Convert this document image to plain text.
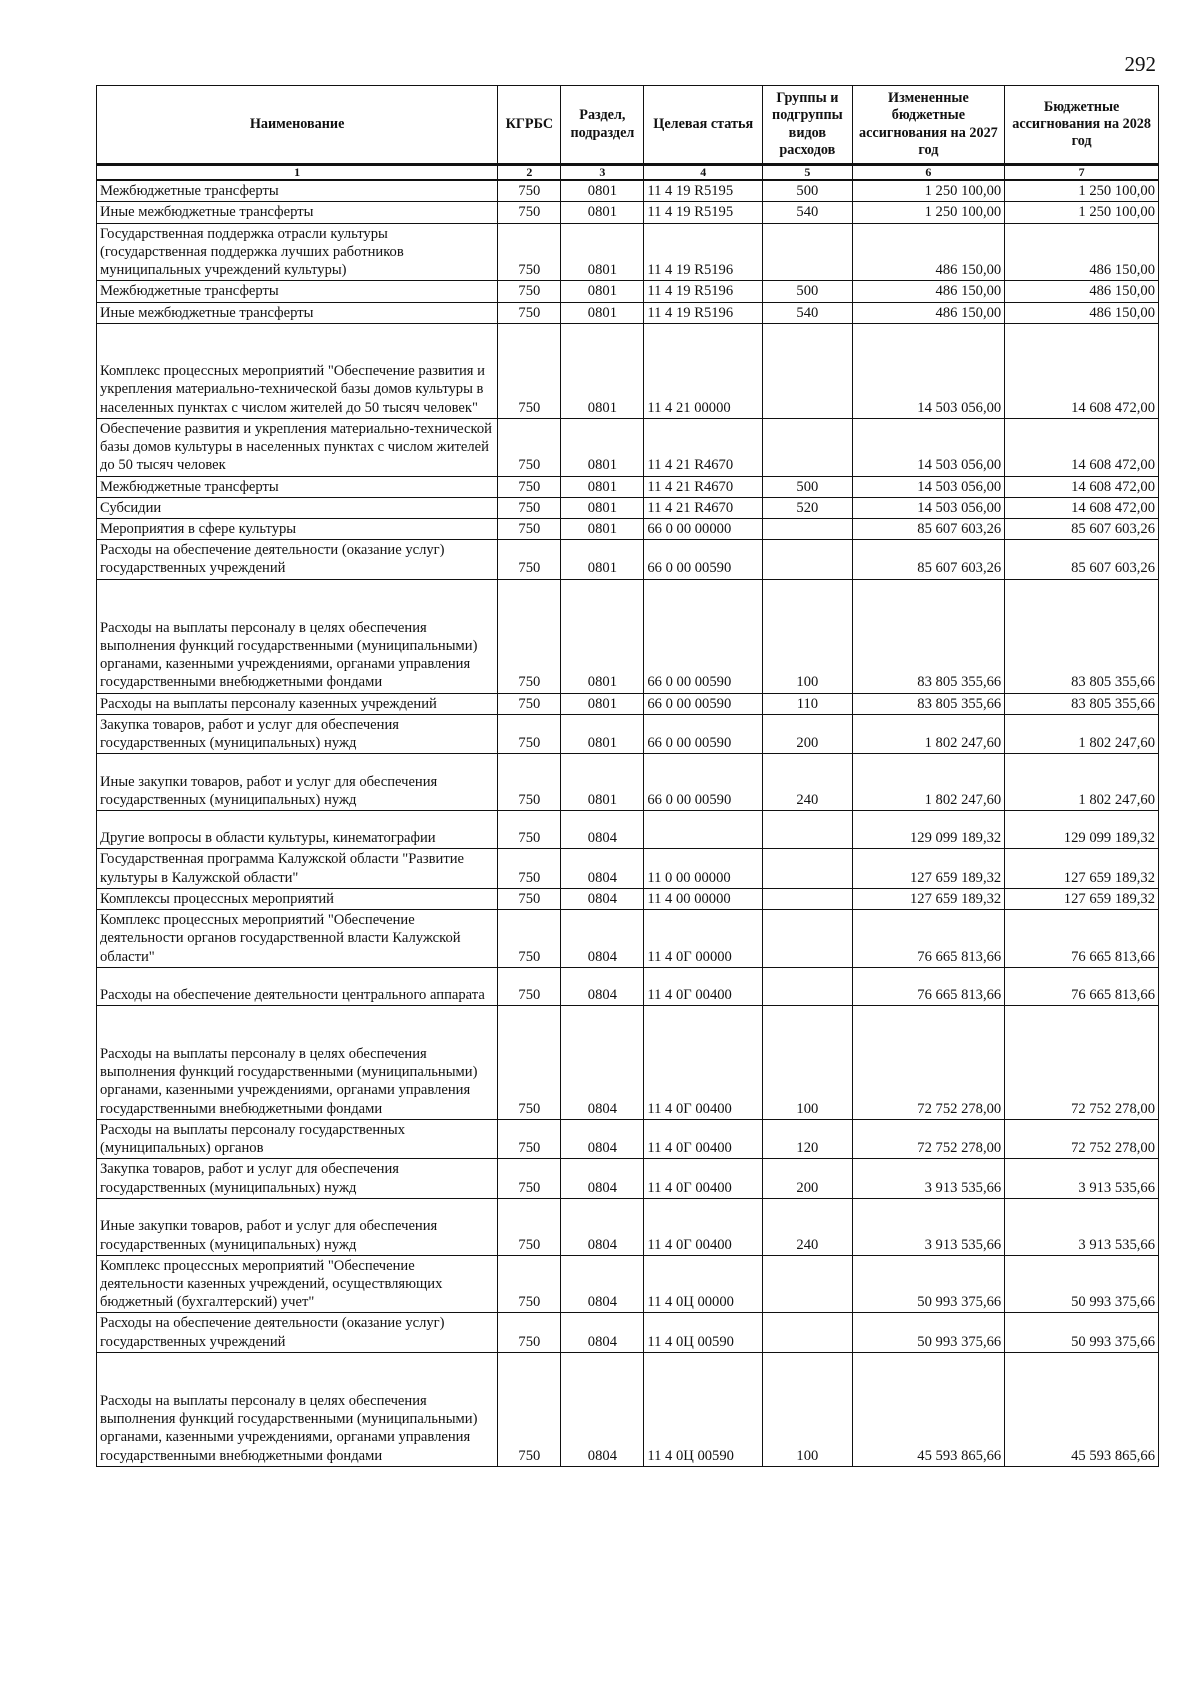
292
Наименование	КГРБС	Раздел, подраздел	Целевая статья	Группы и подгруппы видов расходов	Измененные бюджетные ассигнования на 2027 год	Бюджетные ассигнования на 2028 год
1	2	3	4	5	6	7
Межбюджетные трансферты	750	0801	11 4 19 R5195	500	1 250 100,00	1 250 100,00
Иные межбюджетные трансферты	750	0801	11 4 19 R5195	540	1 250 100,00	1 250 100,00
Государственная поддержка отрасли культуры (государственная поддержка лучших работников муниципальных учреждений культуры)	750	0801	11 4 19 R5196		486 150,00	486 150,00
Межбюджетные трансферты	750	0801	11 4 19 R5196	500	486 150,00	486 150,00
Иные межбюджетные трансферты	750	0801	11 4 19 R5196	540	486 150,00	486 150,00
Комплекс процессных мероприятий "Обеспечение развития и укрепления материально-технической базы домов культуры в населенных пунктах с числом жителей до 50 тысяч человек"	750	0801	11 4 21 00000		14 503 056,00	14 608 472,00
Обеспечение развития и укрепления материально-технической базы домов культуры в населенных пунктах с числом жителей до 50 тысяч человек	750	0801	11 4 21 R4670		14 503 056,00	14 608 472,00
Межбюджетные трансферты	750	0801	11 4 21 R4670	500	14 503 056,00	14 608 472,00
Субсидии	750	0801	11 4 21 R4670	520	14 503 056,00	14 608 472,00
Мероприятия в сфере культуры	750	0801	66 0 00 00000		85 607 603,26	85 607 603,26
Расходы на обеспечение деятельности (оказание услуг) государственных учреждений	750	0801	66 0 00 00590		85 607 603,26	85 607 603,26
Расходы на выплаты персоналу в целях обеспечения выполнения функций государственными (муниципальными) органами, казенными учреждениями, органами управления государственными внебюджетными фондами	750	0801	66 0 00 00590	100	83 805 355,66	83 805 355,66
Расходы на выплаты персоналу казенных учреждений	750	0801	66 0 00 00590	110	83 805 355,66	83 805 355,66
Закупка товаров, работ и услуг для обеспечения государственных (муниципальных) нужд	750	0801	66 0 00 00590	200	1 802 247,60	1 802 247,60
Иные закупки товаров, работ и услуг для обеспечения государственных (муниципальных) нужд	750	0801	66 0 00 00590	240	1 802 247,60	1 802 247,60
Другие вопросы в области культуры, кинематографии	750	0804			129 099 189,32	129 099 189,32
Государственная программа Калужской области "Развитие культуры в Калужской области"	750	0804	11 0 00 00000		127 659 189,32	127 659 189,32
Комплексы процессных мероприятий	750	0804	11 4 00 00000		127 659 189,32	127 659 189,32
Комплекс процессных мероприятий "Обеспечение деятельности органов государственной власти Калужской области"	750	0804	11 4 0Г 00000		76 665 813,66	76 665 813,66
Расходы на обеспечение деятельности центрального аппарата	750	0804	11 4 0Г 00400		76 665 813,66	76 665 813,66
Расходы на выплаты персоналу в целях обеспечения выполнения функций государственными (муниципальными) органами, казенными учреждениями, органами управления государственными внебюджетными фондами	750	0804	11 4 0Г 00400	100	72 752 278,00	72 752 278,00
Расходы на выплаты персоналу государственных (муниципальных) органов	750	0804	11 4 0Г 00400	120	72 752 278,00	72 752 278,00
Закупка товаров, работ и услуг для обеспечения государственных (муниципальных) нужд	750	0804	11 4 0Г 00400	200	3 913 535,66	3 913 535,66
Иные закупки товаров, работ и услуг для обеспечения государственных (муниципальных) нужд	750	0804	11 4 0Г 00400	240	3 913 535,66	3 913 535,66
Комплекс процессных мероприятий "Обеспечение деятельности казенных учреждений, осуществляющих бюджетный (бухгалтерский) учет"	750	0804	11 4 0Ц 00000		50 993 375,66	50 993 375,66
Расходы на обеспечение деятельности (оказание услуг) государственных учреждений	750	0804	11 4 0Ц 00590		50 993 375,66	50 993 375,66
Расходы на выплаты персоналу в целях обеспечения выполнения функций государственными (муниципальными) органами, казенными учреждениями, органами управления государственными внебюджетными фондами	750	0804	11 4 0Ц 00590	100	45 593 865,66	45 593 865,66
